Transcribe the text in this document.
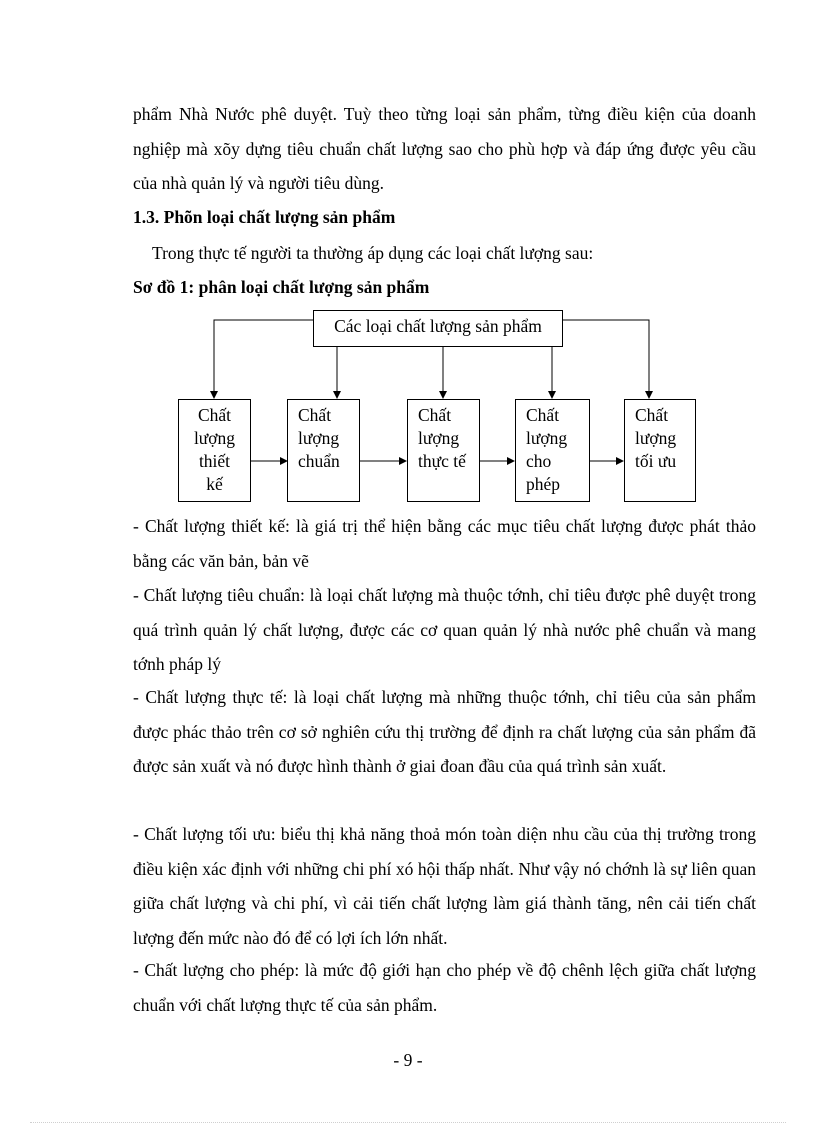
phẩm Nhà Nước phê duyệt. Tuỳ theo từng loại sản phẩm, từng điều kiện của doanh nghiệp mà xõy dựng tiêu chuẩn chất lượng sao cho phù hợp và đáp ứng được yêu cầu của nhà quản lý và người tiêu dùng.

1.3. Phõn loại chất lượng sản phẩm

Trong thực tế người ta thường áp dụng các loại chất lượng sau:

Sơ đồ 1: phân loại chất lượng sản phẩm

Các loại chất lượng sản phẩm
Chất
lượng
thiết
kế
Chất
lượng
chuẩn
Chất
lượng
thực tế
Chất
lượng
cho
phép
Chất
lượng
tối ưu

- Chất lượng thiết kế: là giá trị thể hiện bằng các mục tiêu chất lượng được phát thảo bằng các văn bản, bản vẽ

- Chất lượng tiêu chuẩn: là loại chất lượng mà thuộc tớnh, chỉ tiêu được phê duyệt trong quá trình quản lý chất lượng, được các cơ quan quản lý nhà nước phê chuẩn và mang tớnh pháp lý

- Chất lượng thực tế: là loại chất lượng mà những thuộc tớnh, chỉ tiêu của sản phẩm được phác thảo trên cơ sở nghiên cứu thị trường để định ra chất lượng của sản phẩm đã được sản xuất và nó được hình thành ở giai đoan đầu của quá trình sản xuất.

- Chất lượng tối ưu: biểu thị khả năng thoả món toàn diện nhu cầu của thị trường trong điều kiện xác định với những chi phí xó hội thấp nhất. Như vậy nó chớnh là sự liên quan giữa chất lượng và chi phí, vì cải tiến chất lượng làm giá thành tăng, nên cải tiến chất lượng đến mức nào đó để có lợi ích lớn nhất.

- Chất lượng cho phép: là mức độ giới hạn cho phép về độ chênh lệch giữa chất lượng chuẩn với chất lượng thực tế của sản phẩm.

- 9 -
